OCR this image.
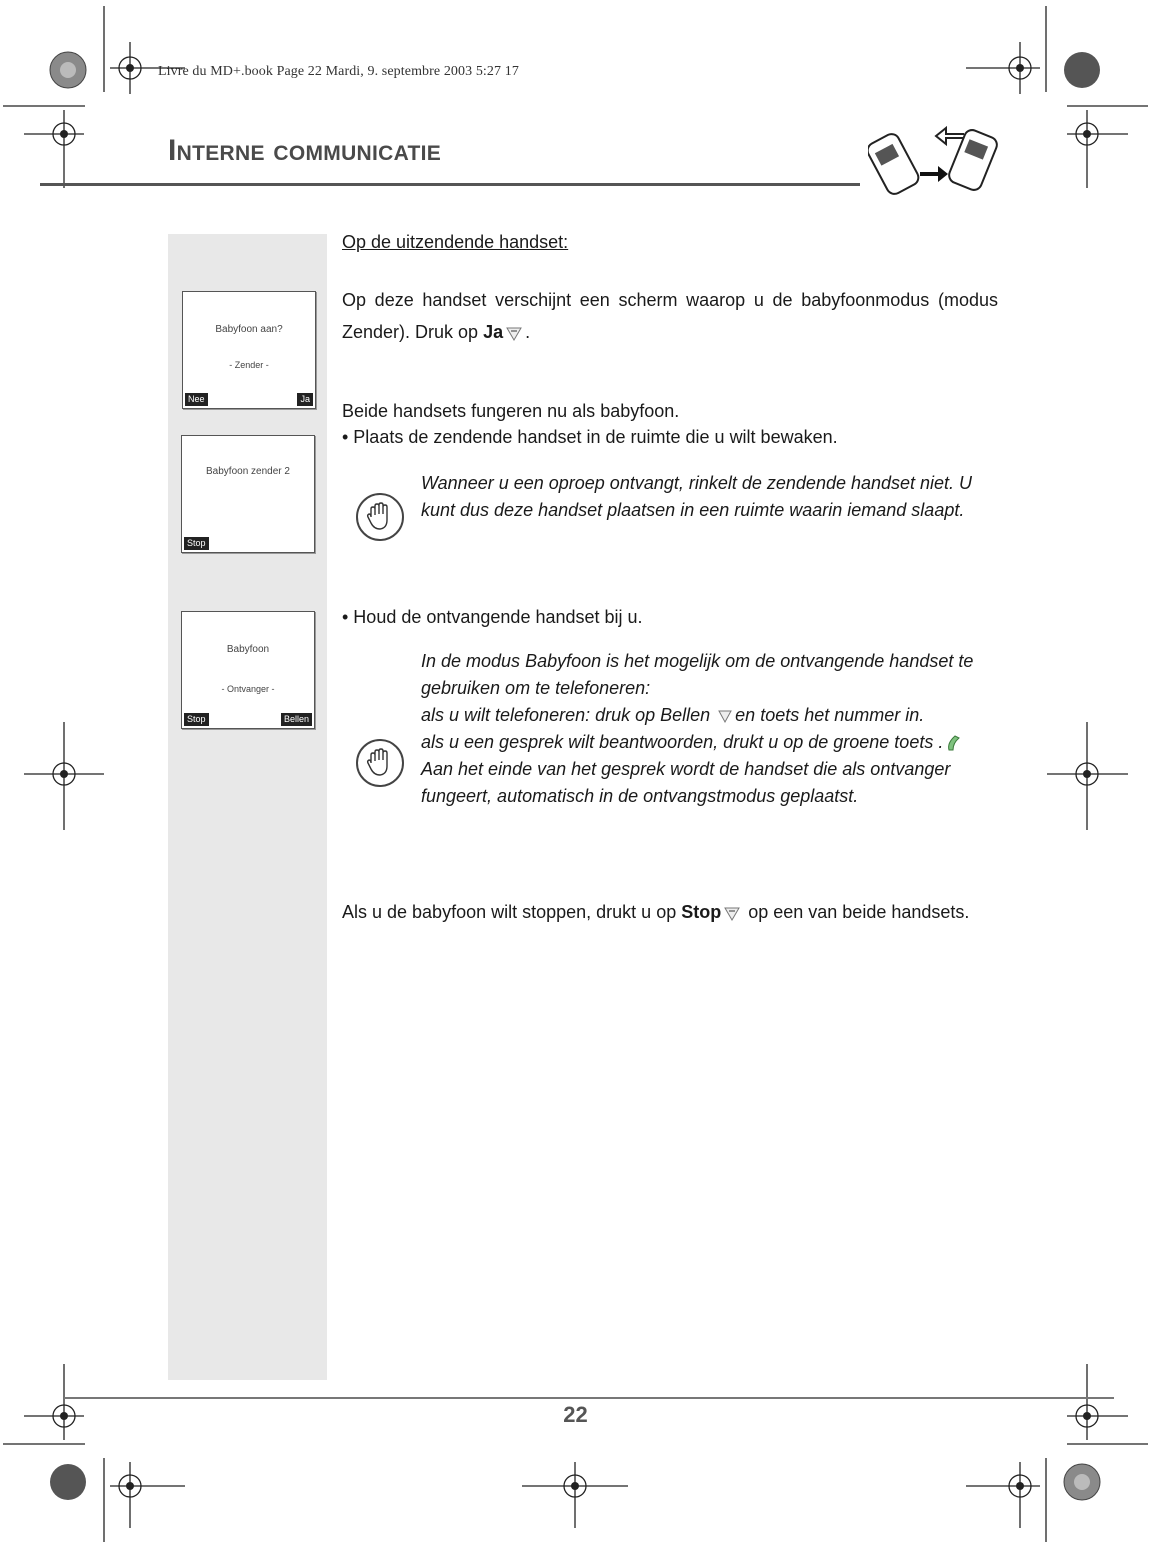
Livre du MD+.book Page 22 Mardi, 9. septembre 2003 5:27 17
Interne communicatie
Babyfoon aan?
- Zender -
Nee	Ja
Babyfoon zender 2
Stop
Babyfoon
- Ontvanger -
Stop	Bellen
Op de uitzendende handset:
Op deze handset verschijnt een scherm waarop u de babyfoonmodus (modus Zender). Druk op Ja .
Beide handsets fungeren nu als babyfoon.
• Plaats de zendende handset in de ruimte die u wilt bewaken.
Wanneer u een oproep ontvangt, rinkelt de zendende handset niet. U kunt dus deze handset plaatsen in een ruimte waarin iemand slaapt.
• Houd de ontvangende handset bij u.
In de modus Babyfoon is het mogelijk om de ontvangende handset te gebruiken om te telefoneren:
als u wilt telefoneren: druk op Bellen en toets het nummer in.
als u een gesprek wilt beantwoorden, drukt u op de groene toets .
Aan het einde van het gesprek wordt de handset die als ontvanger fungeert, automatisch in de ontvangstmodus geplaatst.
Als u de babyfoon wilt stoppen, drukt u op Stop op een van beide handsets.
22
